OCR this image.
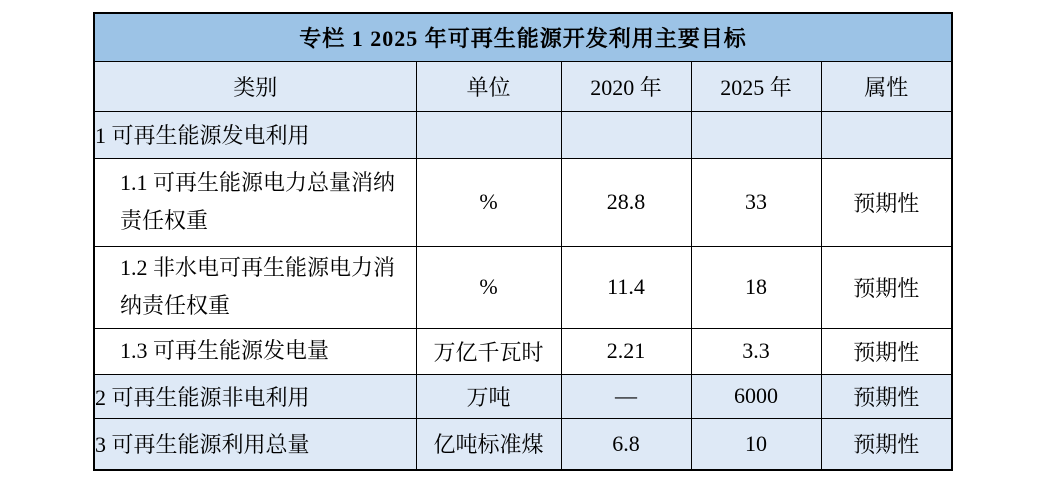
专栏 1 2025 年可再生能源开发利用主要目标				
类别	单位	2020 年	2025 年	属性
1 可再生能源发电利用				
1.1 可再生能源电力总量消纳责任权重	%	28.8	33	预期性
1.2 非水电可再生能源电力消纳责任权重	%	11.4	18	预期性
1.3 可再生能源发电量	万亿千瓦时	2.21	3.3	预期性
2 可再生能源非电利用	万吨	—	6000	预期性
3 可再生能源利用总量	亿吨标准煤	6.8	10	预期性
